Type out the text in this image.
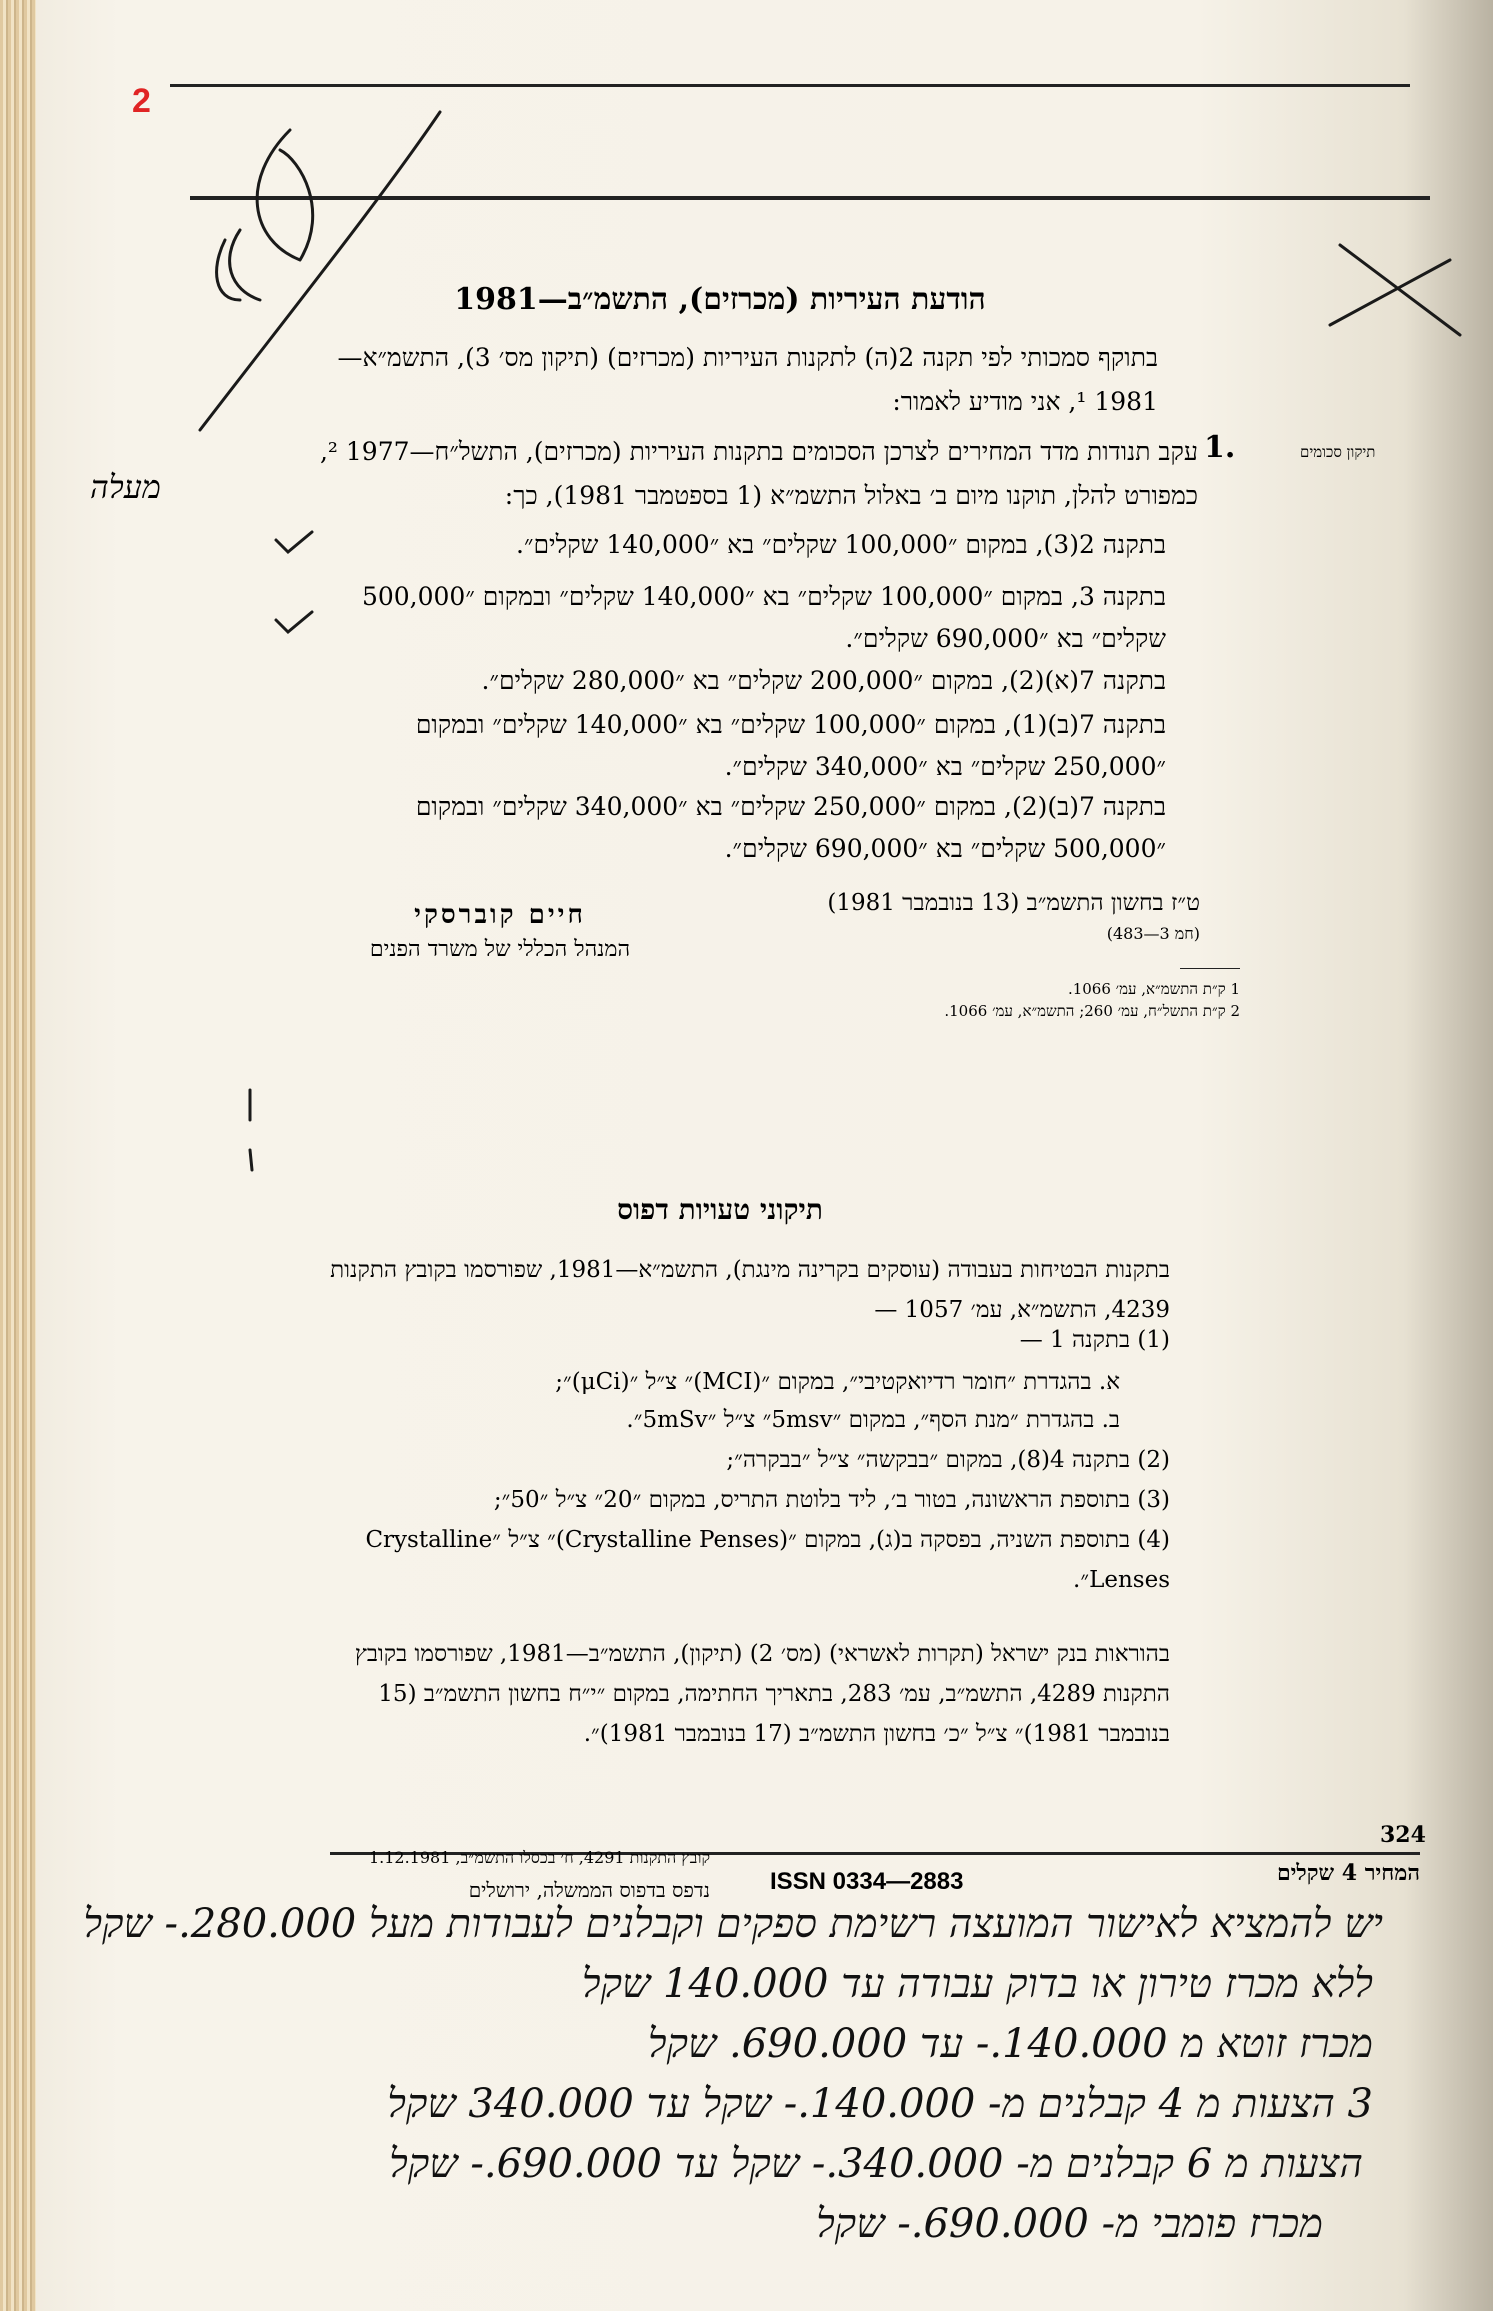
2
הודעת העיריות (מכרזים), התשמ״ב—1981
בתוקף סמכותי לפי תקנה 2(ה) לתקנות העיריות (מכרזים) (תיקון מס׳ 3), התשמ״א—1981 ¹, אני מודיע לאמור:
תיקון סכומים
1.
עקב תנודות מדד המחירים לצרכן הסכומים בתקנות העיריות (מכרזים), התשל״ח—1977 ², כמפורט להלן, תוקנו מיום ב׳ באלול התשמ״א (1 בספטמבר 1981), כך:
בתקנה 2(3), במקום ״100,000 שקלים״ בא ״140,000 שקלים״.
בתקנה 3, במקום ״100,000 שקלים״ בא ״140,000 שקלים״ ובמקום ״500,000 שקלים״ בא ״690,000 שקלים״.
בתקנה 7(א)(2), במקום ״200,000 שקלים״ בא ״280,000 שקלים״.
בתקנה 7(ב)(1), במקום ״100,000 שקלים״ בא ״140,000 שקלים״ ובמקום ״250,000 שקלים״ בא ״340,000 שקלים״.
בתקנה 7(ב)(2), במקום ״250,000 שקלים״ בא ״340,000 שקלים״ ובמקום ״500,000 שקלים״ בא ״690,000 שקלים״.
ט״ז בחשון התשמ״ב (13 בנובמבר 1981)
(חמ 3—483)
חיים קוברסקי
המנהל הכללי של משרד הפנים
1 ק״ת התשמ״א, עמ׳ 1066.
2 ק״ת התשל״ח, עמ׳ 260; התשמ״א, עמ׳ 1066.
תיקוני טעויות דפוס
בתקנות הבטיחות בעבודה (עוסקים בקרינה מינגת), התשמ״א—1981, שפורסמו בקובץ התקנות 4239, התשמ״א, עמ׳ 1057 —
(1) בתקנה 1 —
א. בהגדרת ״חומר רדיואקטיבי״, במקום ״(MCI)״ צ״ל ״(μCi)״;
ב. בהגדרת ״מנת הסף״, במקום ״5msv״ צ״ל ״5mSv״.
(2) בתקנה 4(8), במקום ״בבקשה״ צ״ל ״בבקרה״;
(3) בתוספת הראשונה, בטור ב׳, ליד בלוטת התריס, במקום ״20״ צ״ל ״50״;
(4) בתוספת השניה, בפסקה ב(ג), במקום ״(Crystalline Penses)״ צ״ל ״Crystalline Lenses״.
בהוראות בנק ישראל (תקרות לאשראי) (מס׳ 2) (תיקון), התשמ״ב—1981, שפורסמו בקובץ התקנות 4289, התשמ״ב, עמ׳ 283, בתאריך החתימה, במקום ״י״ח בחשון התשמ״ב (15 בנובמבר 1981)״ צ״ל ״כ׳ בחשון התשמ״ב (17 בנובמבר 1981)״.
324
קובץ התקנות 4291, ח׳ בכסלו התשמ״ב, 1.12.1981
ISSN 0334—2883
נדפס בדפוס הממשלה, ירושלים
המחיר 4 שקלים
מעלה
יש להמציא לאישור המועצה רשימת ספקים וקבלנים לעבודות מעל 280.000.- שקל
ללא מכרז טירון או בדוק עבודה עד 140.000 שקל
מכרז זוטא מ 140.000.- עד 690.000. שקל
3 הצעות מ 4 קבלנים מ- 140.000.- שקל עד 340.000 שקל
הצעות מ 6 קבלנים מ- 340.000.- שקל עד 690.000.- שקל
מכרז פומבי מ- 690.000.- שקל
